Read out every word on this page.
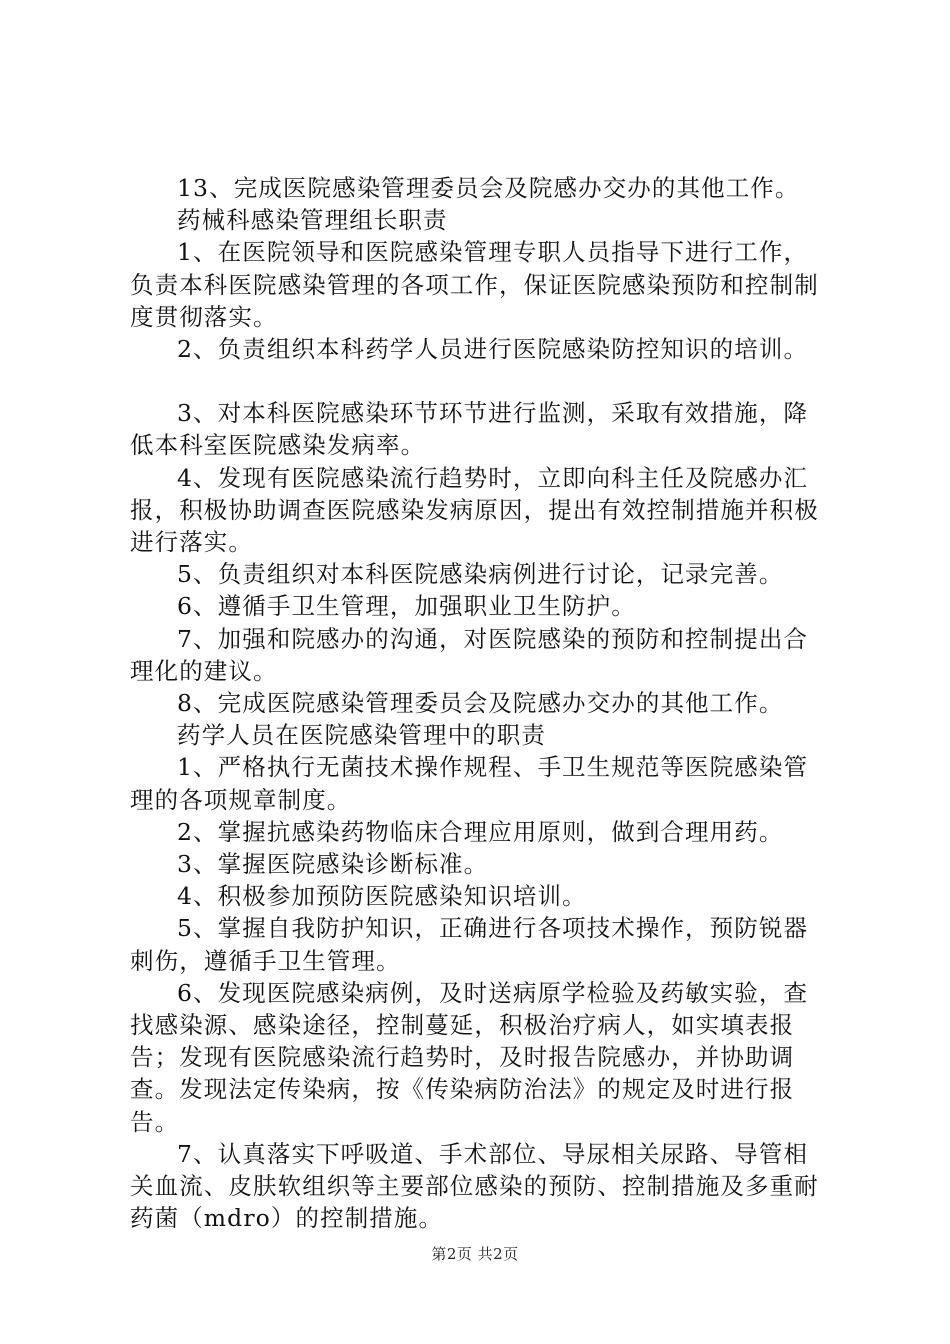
13、完成医院感染管理委员会及院感办交办的其他工作。

药械科感染管理组长职责

1、在医院领导和医院感染管理专职人员指导下进行工作，负责本科医院感染管理的各项工作，保证医院感染预防和控制制度贯彻落实。

2、负责组织本科药学人员进行医院感染防控知识的培训。

3、对本科医院感染环节环节进行监测，采取有效措施，降低本科室医院感染发病率。

4、发现有医院感染流行趋势时，立即向科主任及院感办汇报，积极协助调查医院感染发病原因，提出有效控制措施并积极进行落实。

5、负责组织对本科医院感染病例进行讨论，记录完善。

6、遵循手卫生管理，加强职业卫生防护。

7、加强和院感办的沟通，对医院感染的预防和控制提出合理化的建议。

8、完成医院感染管理委员会及院感办交办的其他工作。

药学人员在医院感染管理中的职责

1、严格执行无菌技术操作规程、手卫生规范等医院感染管理的各项规章制度。

2、掌握抗感染药物临床合理应用原则，做到合理用药。

3、掌握医院感染诊断标准。

4、积极参加预防医院感染知识培训。

5、掌握自我防护知识，正确进行各项技术操作，预防锐器刺伤，遵循手卫生管理。

6、发现医院感染病例，及时送病原学检验及药敏实验，查找感染源、感染途径，控制蔓延，积极治疗病人，如实填表报告；发现有医院感染流行趋势时，及时报告院感办，并协助调查。发现法定传染病，按《传染病防治法》的规定及时进行报告。

7、认真落实下呼吸道、手术部位、导尿相关尿路、导管相关血流、皮肤软组织等主要部位感染的预防、控制措施及多重耐药菌（mdro）的控制措施。

第2页 共2页
